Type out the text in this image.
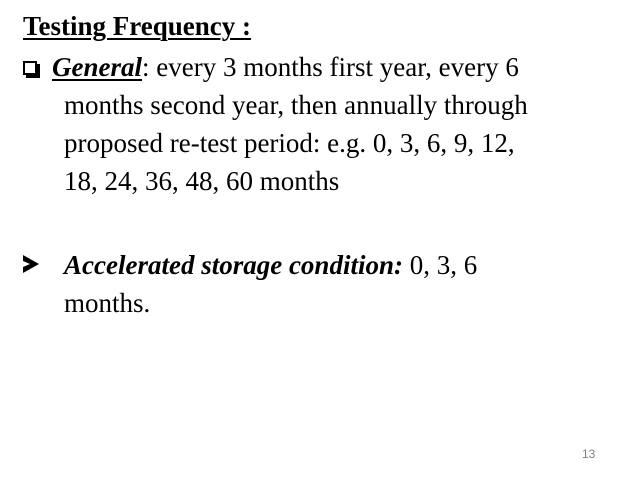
Testing Frequency :
General: every 3 months first year, every 6
months second year, then annually through
proposed re-test period: e.g. 0, 3, 6, 9, 12,
18, 24, 36, 48, 60 months
Accelerated storage condition: 0, 3, 6
months.
13
